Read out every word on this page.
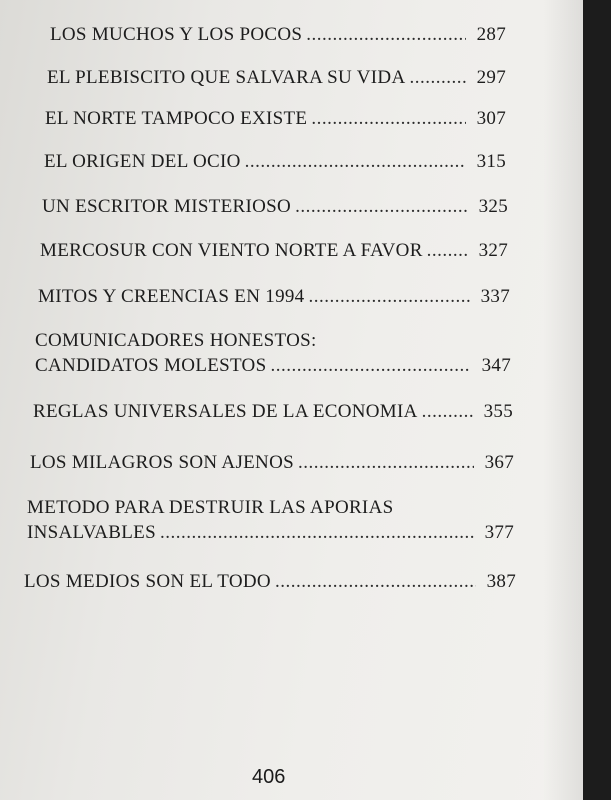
LOS MUCHOS Y LOS POCOS .....	287
EL PLEBISCITO QUE SALVARA SU VIDA .....	297
EL NORTE TAMPOCO EXISTE .....	307
EL ORIGEN DEL OCIO .....	315
UN ESCRITOR MISTERIOSO .....	325
MERCOSUR CON VIENTO NORTE A FAVOR .....	327
MITOS Y CREENCIAS EN 1994 .....	337
COMUNICADORES HONESTOS:
CANDIDATOS MOLESTOS .....	347
REGLAS UNIVERSALES DE LA ECONOMIA .....	355
LOS MILAGROS SON AJENOS .....	367
METODO PARA DESTRUIR LAS APORIAS
INSALVABLES .....	377
LOS MEDIOS SON EL TODO .....	387
406
